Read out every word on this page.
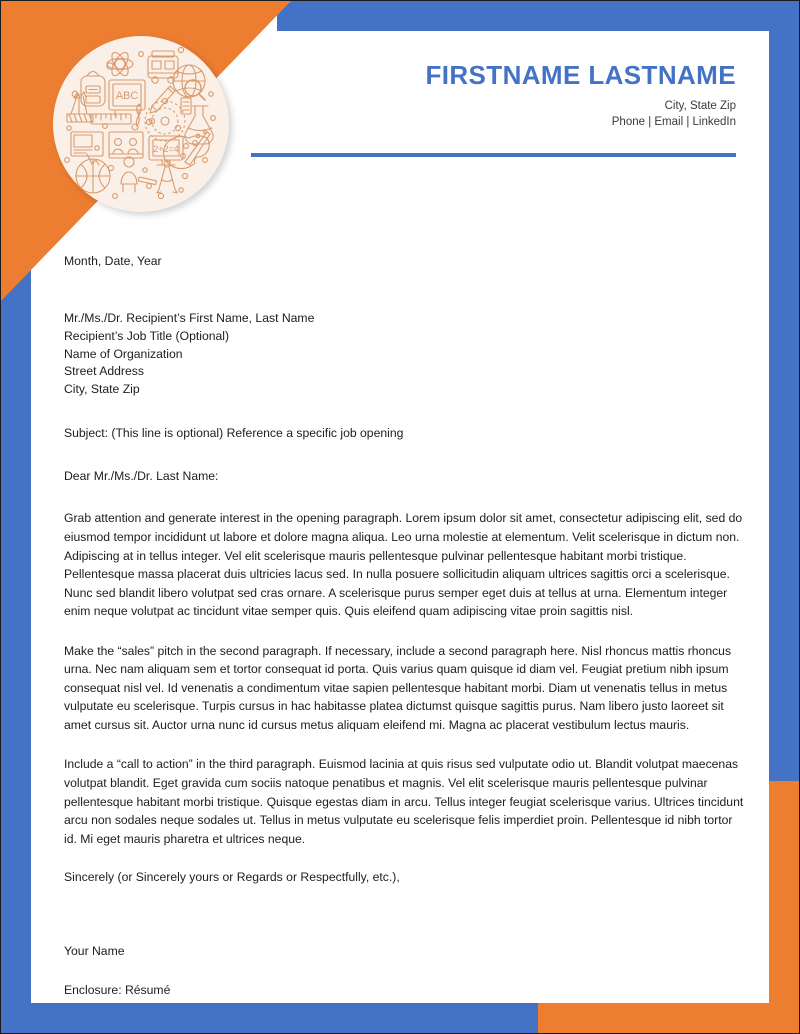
ABC
2+2=4
FIRSTNAME LASTNAME
City, State Zip
Phone | Email | LinkedIn
Month, Date, Year
Mr./Ms./Dr. Recipient’s First Name, Last Name
Recipient’s Job Title (Optional)
Name of Organization
Street Address
City, State Zip
Subject: (This line is optional) Reference a specific job opening
Dear Mr./Ms./Dr. Last Name:

Grab attention and generate interest in the opening paragraph. Lorem ipsum dolor sit amet, consectetur adipiscing elit, sed do eiusmod tempor incididunt ut labore et dolore magna aliqua. Leo urna molestie at elementum. Velit scelerisque in dictum non. Adipiscing at in tellus integer. Vel elit scelerisque mauris pellentesque pulvinar pellentesque habitant morbi tristique. Pellentesque massa placerat duis ultricies lacus sed. In nulla posuere sollicitudin aliquam ultrices sagittis orci a scelerisque. Nunc sed blandit libero volutpat sed cras ornare. A scelerisque purus semper eget duis at tellus at urna. Elementum integer enim neque volutpat ac tincidunt vitae semper quis. Quis eleifend quam adipiscing vitae proin sagittis nisl.

Make the “sales” pitch in the second paragraph. If necessary, include a second paragraph here. Nisl rhoncus mattis rhoncus urna. Nec nam aliquam sem et tortor consequat id porta. Quis varius quam quisque id diam vel. Feugiat pretium nibh ipsum consequat nisl vel. Id venenatis a condimentum vitae sapien pellentesque habitant morbi. Diam ut venenatis tellus in metus vulputate eu scelerisque. Turpis cursus in hac habitasse platea dictumst quisque sagittis purus. Nam libero justo laoreet sit amet cursus sit. Auctor urna nunc id cursus metus aliquam eleifend mi. Magna ac placerat vestibulum lectus mauris.

Include a “call to action” in the third paragraph. Euismod lacinia at quis risus sed vulputate odio ut. Blandit volutpat maecenas volutpat blandit. Eget gravida cum sociis natoque penatibus et magnis. Vel elit scelerisque mauris pellentesque pulvinar pellentesque habitant morbi tristique. Quisque egestas diam in arcu. Tellus integer feugiat scelerisque varius. Ultrices tincidunt arcu non sodales neque sodales ut. Tellus in metus vulputate eu scelerisque felis imperdiet proin. Pellentesque id nibh tortor id. Mi eget mauris pharetra et ultrices neque.

Sincerely (or Sincerely yours or Regards or Respectfully, etc.),
Your Name
Enclosure: Résumé
